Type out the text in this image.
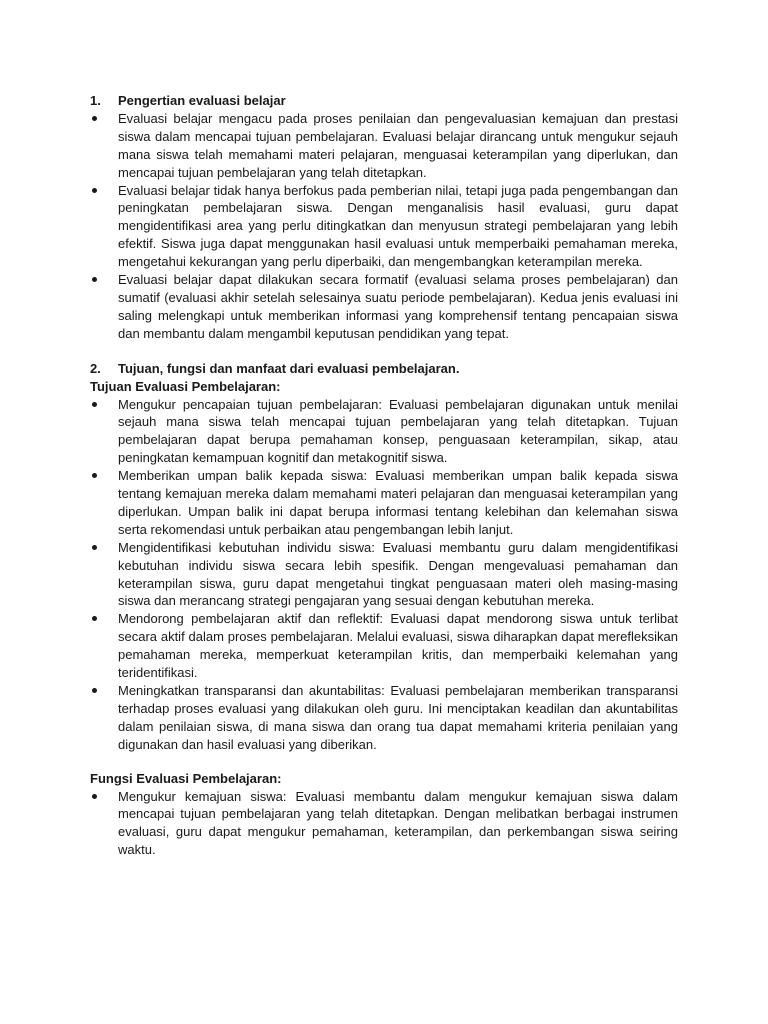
1.	Pengertian evaluasi belajar
Evaluasi belajar mengacu pada proses penilaian dan pengevaluasian kemajuan dan prestasi siswa dalam mencapai tujuan pembelajaran. Evaluasi belajar dirancang untuk mengukur sejauh mana siswa telah memahami materi pelajaran, menguasai keterampilan yang diperlukan, dan mencapai tujuan pembelajaran yang telah ditetapkan.
Evaluasi belajar tidak hanya berfokus pada pemberian nilai, tetapi juga pada pengembangan dan peningkatan pembelajaran siswa. Dengan menganalisis hasil evaluasi, guru dapat mengidentifikasi area yang perlu ditingkatkan dan menyusun strategi pembelajaran yang lebih efektif. Siswa juga dapat menggunakan hasil evaluasi untuk memperbaiki pemahaman mereka, mengetahui kekurangan yang perlu diperbaiki, dan mengembangkan keterampilan mereka.
Evaluasi belajar dapat dilakukan secara formatif (evaluasi selama proses pembelajaran) dan sumatif (evaluasi akhir setelah selesainya suatu periode pembelajaran). Kedua jenis evaluasi ini saling melengkapi untuk memberikan informasi yang komprehensif tentang pencapaian siswa dan membantu dalam mengambil keputusan pendidikan yang tepat.
2.	Tujuan, fungsi dan manfaat dari evaluasi pembelajaran.
Tujuan Evaluasi Pembelajaran:
Mengukur pencapaian tujuan pembelajaran: Evaluasi pembelajaran digunakan untuk menilai sejauh mana siswa telah mencapai tujuan pembelajaran yang telah ditetapkan. Tujuan pembelajaran dapat berupa pemahaman konsep, penguasaan keterampilan, sikap, atau peningkatan kemampuan kognitif dan metakognitif siswa.
Memberikan umpan balik kepada siswa: Evaluasi memberikan umpan balik kepada siswa tentang kemajuan mereka dalam memahami materi pelajaran dan menguasai keterampilan yang diperlukan. Umpan balik ini dapat berupa informasi tentang kelebihan dan kelemahan siswa serta rekomendasi untuk perbaikan atau pengembangan lebih lanjut.
Mengidentifikasi kebutuhan individu siswa: Evaluasi membantu guru dalam mengidentifikasi kebutuhan individu siswa secara lebih spesifik. Dengan mengevaluasi pemahaman dan keterampilan siswa, guru dapat mengetahui tingkat penguasaan materi oleh masing-masing siswa dan merancang strategi pengajaran yang sesuai dengan kebutuhan mereka.
Mendorong pembelajaran aktif dan reflektif: Evaluasi dapat mendorong siswa untuk terlibat secara aktif dalam proses pembelajaran. Melalui evaluasi, siswa diharapkan dapat merefleksikan pemahaman mereka, memperkuat keterampilan kritis, dan memperbaiki kelemahan yang teridentifikasi.
Meningkatkan transparansi dan akuntabilitas: Evaluasi pembelajaran memberikan transparansi terhadap proses evaluasi yang dilakukan oleh guru. Ini menciptakan keadilan dan akuntabilitas dalam penilaian siswa, di mana siswa dan orang tua dapat memahami kriteria penilaian yang digunakan dan hasil evaluasi yang diberikan.
Fungsi Evaluasi Pembelajaran:
Mengukur kemajuan siswa: Evaluasi membantu dalam mengukur kemajuan siswa dalam mencapai tujuan pembelajaran yang telah ditetapkan. Dengan melibatkan berbagai instrumen evaluasi, guru dapat mengukur pemahaman, keterampilan, dan perkembangan siswa seiring waktu.
